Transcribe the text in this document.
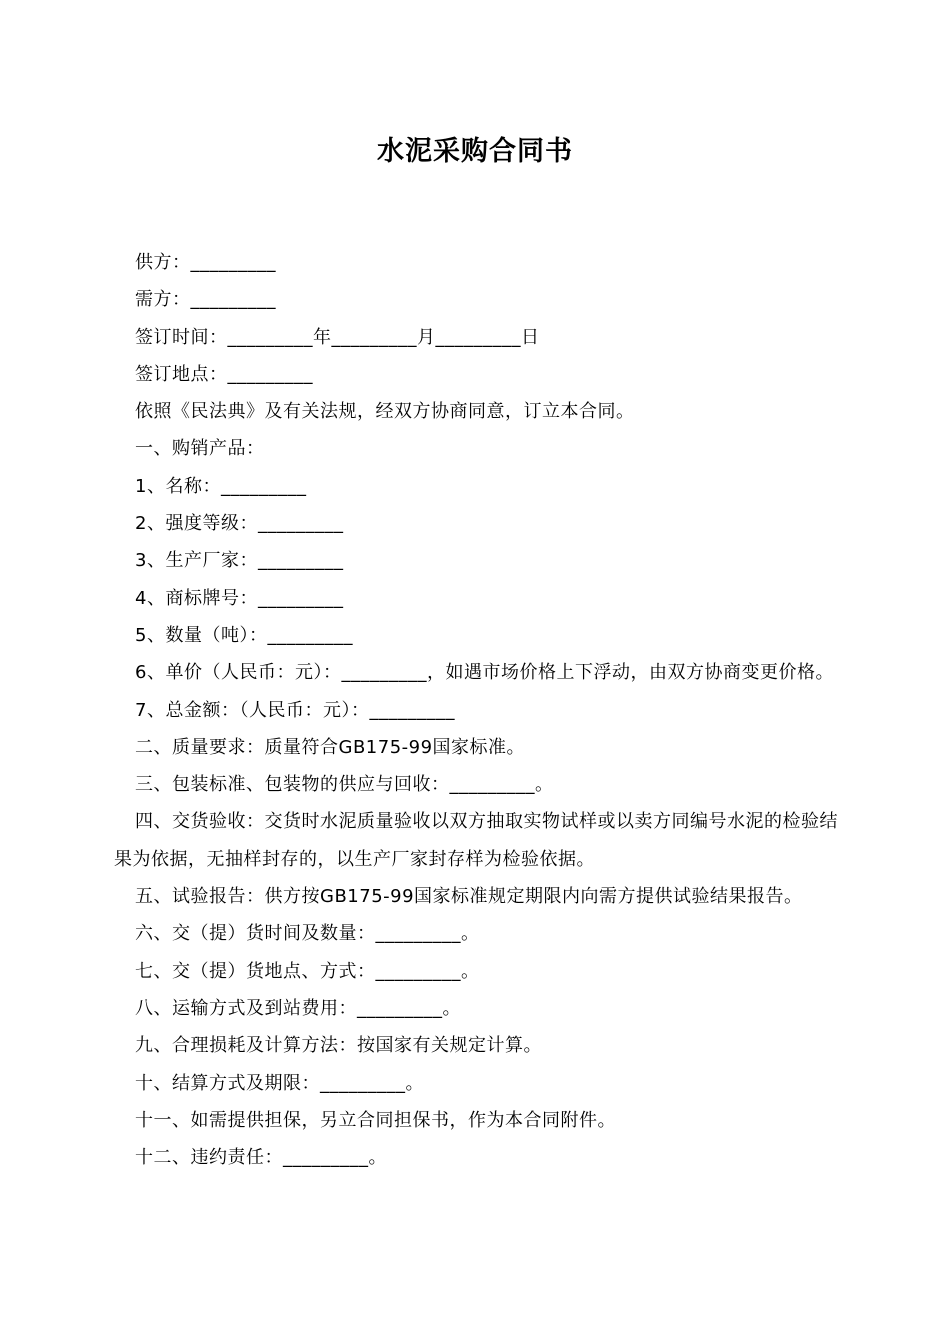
水泥采购合同书

供方：_________

需方：_________

签订时间：_________年_________月_________日

签订地点：_________

依照《民法典》及有关法规，经双方协商同意，订立本合同。

一、购销产品：

1、名称：_________

2、强度等级：_________

3、生产厂家：_________

4、商标牌号：_________

5、数量（吨）：_________

6、单价（人民币：元）：_________，如遇市场价格上下浮动，由双方协商变更价格。

7、总金额：（人民币：元）：_________

二、质量要求：质量符合GB175-99国家标准。

三、包装标准、包装物的供应与回收：_________。

四、交货验收：交货时水泥质量验收以双方抽取实物试样或以卖方同编号水泥的检验结果为依据，无抽样封存的，以生产厂家封存样为检验依据。

五、试验报告：供方按GB175-99国家标准规定期限内向需方提供试验结果报告。

六、交（提）货时间及数量：_________。

七、交（提）货地点、方式：_________。

八、运输方式及到站费用：_________。

九、合理损耗及计算方法：按国家有关规定计算。

十、结算方式及期限：_________。

十一、如需提供担保，另立合同担保书，作为本合同附件。

十二、违约责任：_________。
